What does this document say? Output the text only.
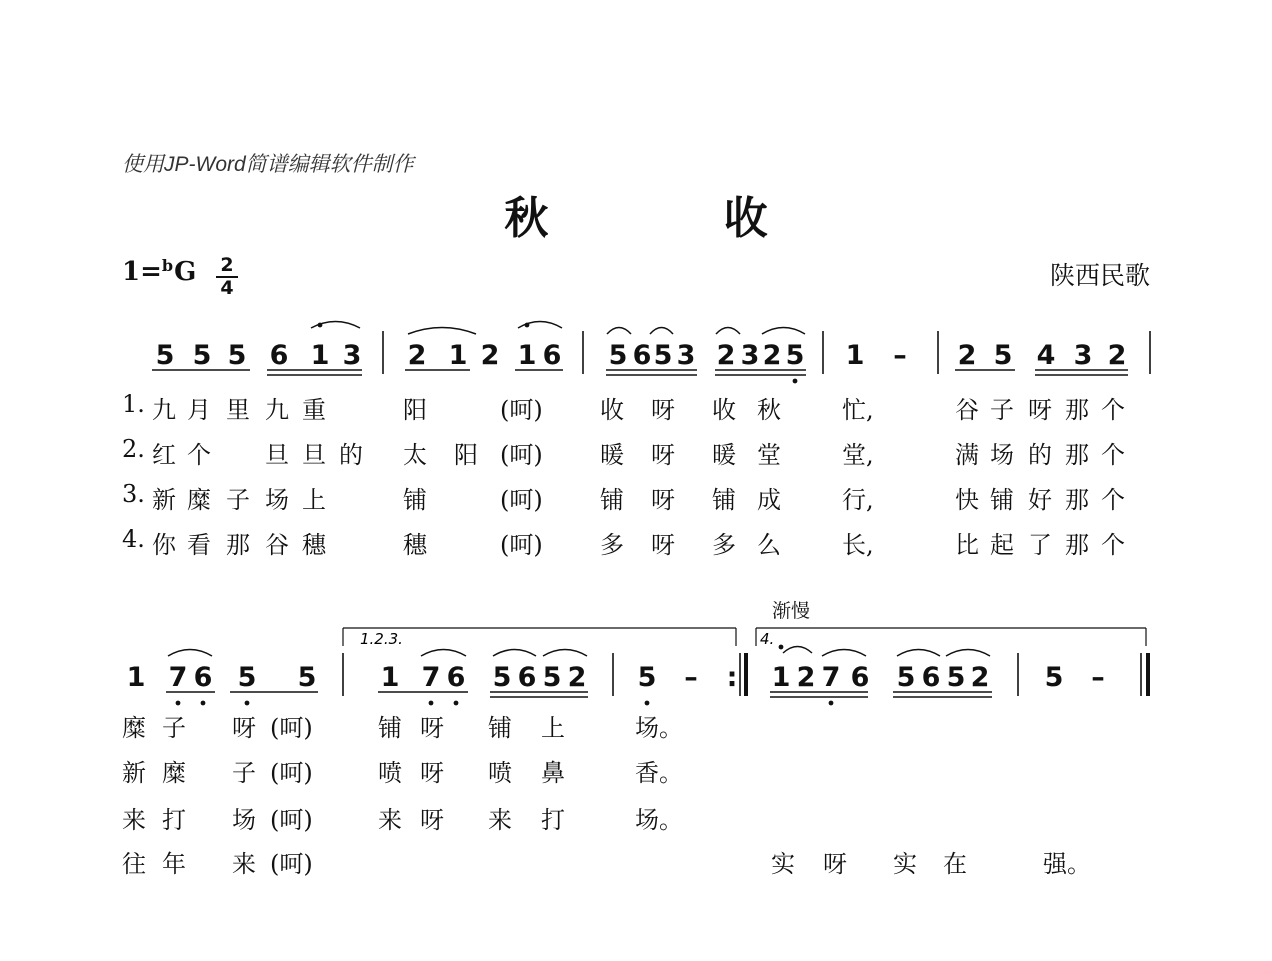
使用JP-Word简谱编辑软件制作
秋 收
1=$^b$G 2
4	陕西民歌
渐慢
5 5 5 6 1 3 2 1 2 1 6 5 6 5 3 2 3 2 5 1 – 2 5 4 3 2
1 7 6 5 5 1 7 6 5 6 5 2 5 – : 1 2 7 6 5 6 5 2 5 –
1.2.3.	4.
1. 九 月 里 九 重	阳	(呵) 收 呀 收 秋	忙,	谷 子 呀 那 个
2. 红 个 旦 旦 的 太 阳 (呵) 暖 呀 暖 堂	堂,	满 场 的 那 个
3. 新 糜 子 场 上	铺	(呵) 铺 呀 铺 成	行,	快 铺 好 那 个
4. 你 看 那 谷 穗	穗	(呵) 多 呀 多 么	长,	比 起 了 那 个
糜 子 呀 (呵)	铺 呀 铺 上	场。
新 糜 子 (呵)	喷 呀 喷 鼻	香。
来 打 场 (呵)	来 呀 来 打	场。
往 年 来 (呵)	实 呀 实 在	强。
